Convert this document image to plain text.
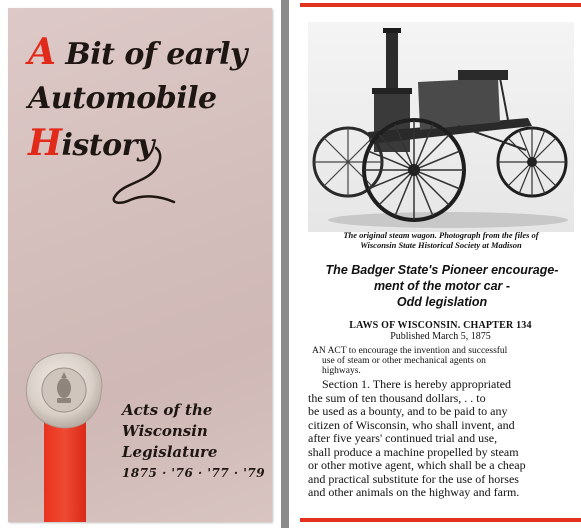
A Bit of early
Automobile
History
Acts of the
Wisconsin
Legislature
1875 · '76 · '77 · '79
The original steam wagon. Photograph from the files of
Wisconsin State Historical Society at Madison
The Badger State's Pioneer encourage-
ment of the motor car -
Odd legislation
LAWS OF WISCONSIN. CHAPTER 134
Published March 5, 1875
AN ACT to encourage the invention and successful
use of steam or other mechanical agents on
highways.
Section 1. There is hereby appropriated
the sum of ten thousand dollars, . . to
be used as a bounty, and to be paid to any
citizen of Wisconsin, who shall invent, and
after five years' continued trial and use,
shall produce a machine propelled by steam
or other motive agent, which shall be a cheap
and practical substitute for the use of horses
and other animals on the highway and farm.
